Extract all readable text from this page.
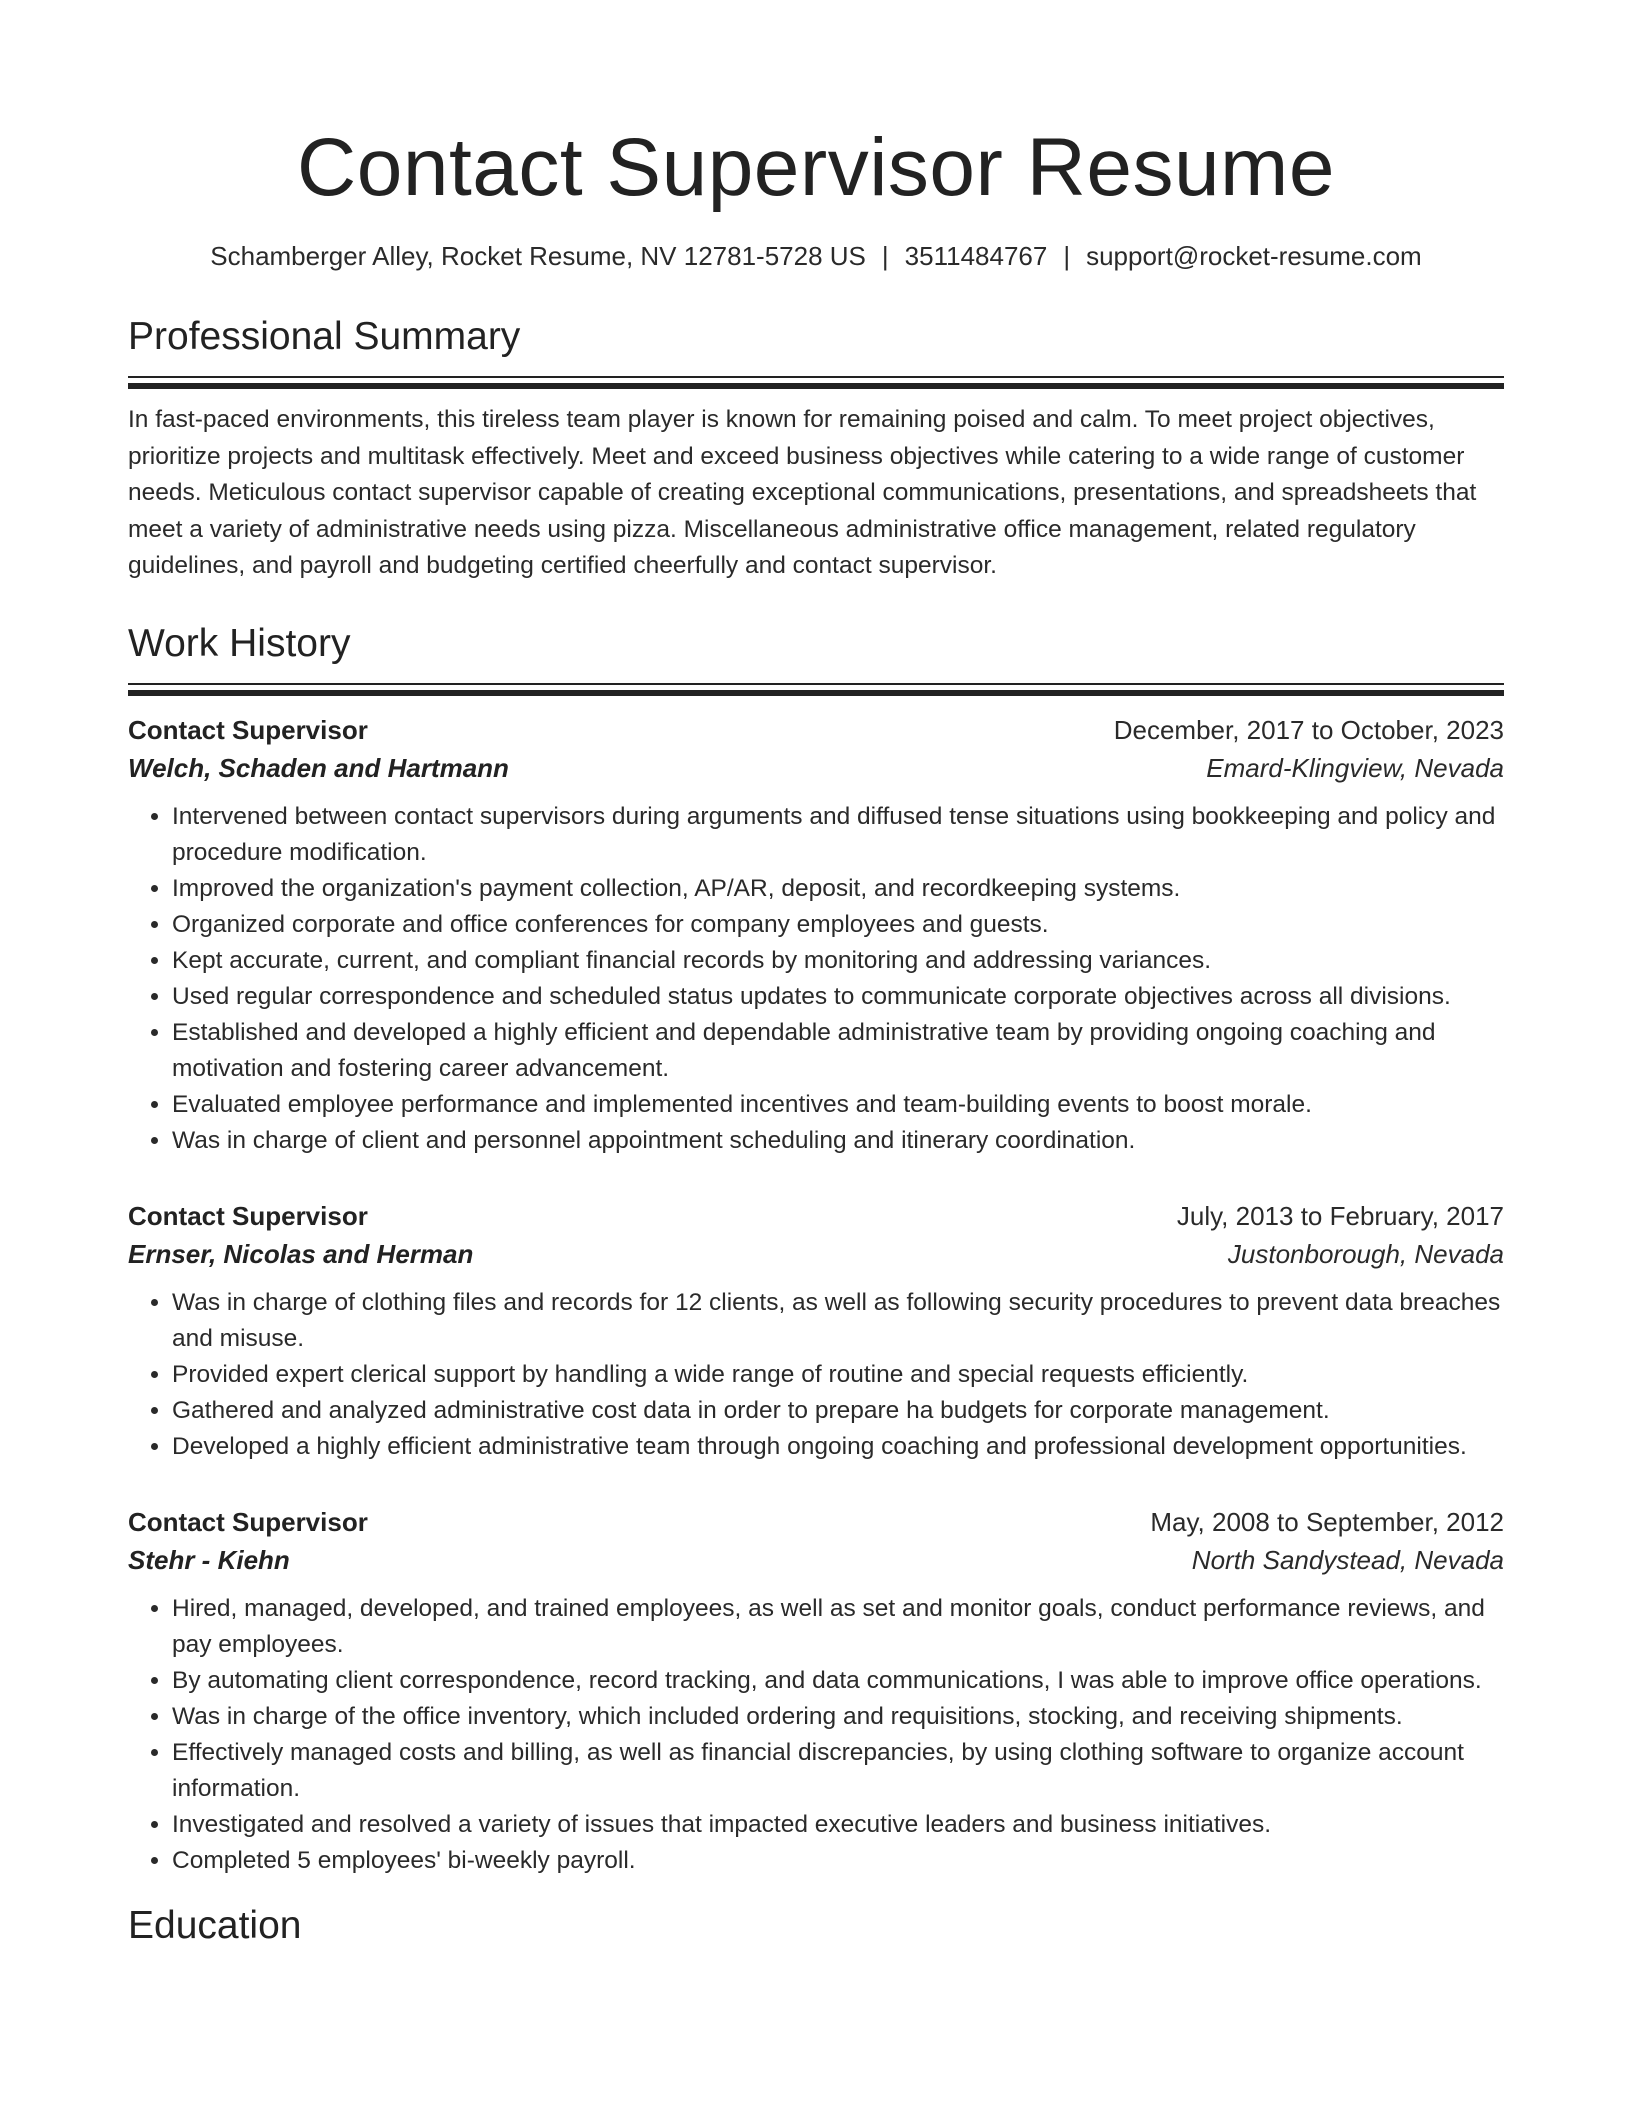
Contact Supervisor Resume
Schamberger Alley, Rocket Resume, NV 12781-5728 US | 3511484767 | support@rocket-resume.com
Professional Summary

In fast-paced environments, this tireless team player is known for remaining poised and calm. To meet project objectives, prioritize projects and multitask effectively. Meet and exceed business objectives while catering to a wide range of customer needs. Meticulous contact supervisor capable of creating exceptional communications, presentations, and spreadsheets that meet a variety of administrative needs using pizza. Miscellaneous administrative office management, related regulatory guidelines, and payroll and budgeting certified cheerfully and contact supervisor.

Work History
Contact Supervisor	December, 2017 to October, 2023
Welch, Schaden and Hartmann	Emard-Klingview, Nevada
• Intervened between contact supervisors during arguments and diffused tense situations using bookkeeping and policy and procedure modification.
• Improved the organization's payment collection, AP/AR, deposit, and recordkeeping systems.
• Organized corporate and office conferences for company employees and guests.
• Kept accurate, current, and compliant financial records by monitoring and addressing variances.
• Used regular correspondence and scheduled status updates to communicate corporate objectives across all divisions.
• Established and developed a highly efficient and dependable administrative team by providing ongoing coaching and motivation and fostering career advancement.
• Evaluated employee performance and implemented incentives and team-building events to boost morale.
• Was in charge of client and personnel appointment scheduling and itinerary coordination.
Contact Supervisor	July, 2013 to February, 2017
Ernser, Nicolas and Herman	Justonborough, Nevada
• Was in charge of clothing files and records for 12 clients, as well as following security procedures to prevent data breaches and misuse.
• Provided expert clerical support by handling a wide range of routine and special requests efficiently.
• Gathered and analyzed administrative cost data in order to prepare ha budgets for corporate management.
• Developed a highly efficient administrative team through ongoing coaching and professional development opportunities.
Contact Supervisor	May, 2008 to September, 2012
Stehr - Kiehn	North Sandystead, Nevada
• Hired, managed, developed, and trained employees, as well as set and monitor goals, conduct performance reviews, and pay employees.
• By automating client correspondence, record tracking, and data communications, I was able to improve office operations.
• Was in charge of the office inventory, which included ordering and requisitions, stocking, and receiving shipments.
• Effectively managed costs and billing, as well as financial discrepancies, by using clothing software to organize account information.
• Investigated and resolved a variety of issues that impacted executive leaders and business initiatives.
• Completed 5 employees' bi-weekly payroll.
Education
